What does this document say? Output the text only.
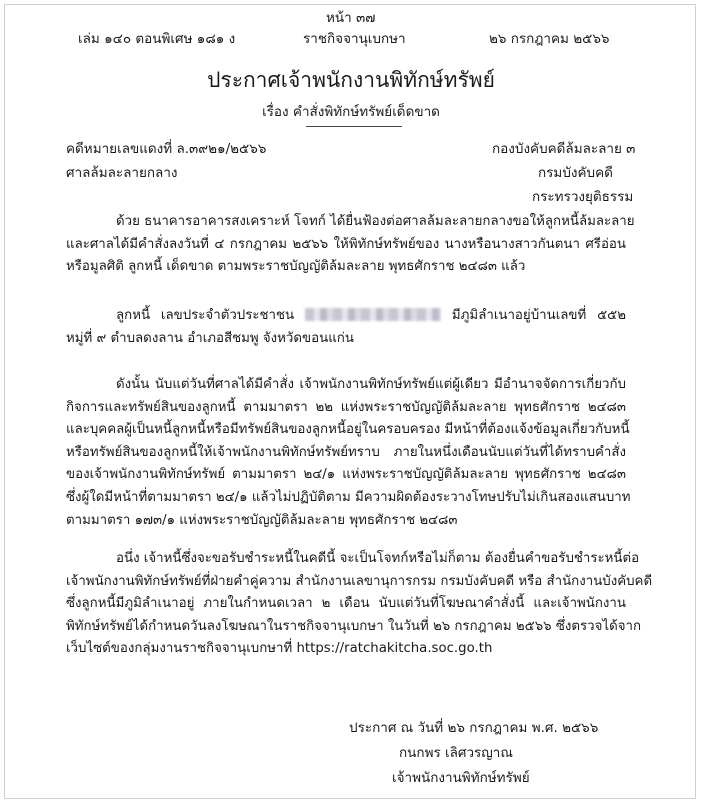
หน้า ๓๗
เล่ม ๑๔๐ ตอนพิเศษ ๑๘๑ ง	ราชกิจจานุเบกษา	๒๖ กรกฎาคม ๒๕๖๖
ประกาศเจ้าพนักงานพิทักษ์ทรัพย์
เรื่อง คำสั่งพิทักษ์ทรัพย์เด็ดขาด
คดีหมายเลขแดงที่ ล.๓๙๒๑/๒๕๖๖
ศาลล้มละลายกลาง
กองบังคับคดีล้มละลาย ๓
กรมบังคับคดี
กระทรวงยุติธรรม
ด้วย ธนาคารอาคารสงเคราะห์ โจทก์ ได้ยื่นฟ้องต่อศาลล้มละลายกลางขอให้ลูกหนี้ล้มละลาย
และศาลได้มีคำสั่งลงวันที่ ๔ กรกฎาคม ๒๕๖๖ ให้พิทักษ์ทรัพย์ของ นางหรือนางสาวกันตนา ศรีอ่อน
หรือมูลศิติ ลูกหนี้ เด็ดขาด ตามพระราชบัญญัติล้มละลาย พุทธศักราช ๒๔๘๓ แล้ว
ลูกหนี้ เลขประจำตัวประชาชน	มีภูมิลำเนาอยู่บ้านเลขที่ ๕๕๒
หมู่ที่ ๙ ตำบลดงลาน อำเภอสีชมพู จังหวัดขอนแก่น
ดังนั้น นับแต่วันที่ศาลได้มีคำสั่ง เจ้าพนักงานพิทักษ์ทรัพย์แต่ผู้เดียว มีอำนาจจัดการเกี่ยวกับ
กิจการและทรัพย์สินของลูกหนี้ ตามมาตรา ๒๒ แห่งพระราชบัญญัติล้มละลาย พุทธศักราช ๒๔๘๓
และบุคคลผู้เป็นหนี้ลูกหนี้หรือมีทรัพย์สินของลูกหนี้อยู่ในครอบครอง มีหน้าที่ต้องแจ้งข้อมูลเกี่ยวกับหนี้
หรือทรัพย์สินของลูกหนี้ให้เจ้าพนักงานพิทักษ์ทรัพย์ทราบ ภายในหนึ่งเดือนนับแต่วันที่ได้ทราบคำสั่ง
ของเจ้าพนักงานพิทักษ์ทรัพย์ ตามมาตรา ๒๔/๑ แห่งพระราชบัญญัติล้มละลาย พุทธศักราช ๒๔๘๓
ซึ่งผู้ใดมีหน้าที่ตามมาตรา ๒๔/๑ แล้วไม่ปฏิบัติตาม มีความผิดต้องระวางโทษปรับไม่เกินสองแสนบาท
ตามมาตรา ๑๗๓/๑ แห่งพระราชบัญญัติล้มละลาย พุทธศักราช ๒๔๘๓
อนึ่ง เจ้าหนี้ซึ่งจะขอรับชำระหนี้ในคดีนี้ จะเป็นโจทก์หรือไม่ก็ตาม ต้องยื่นคำขอรับชำระหนี้ต่อ
เจ้าพนักงานพิทักษ์ทรัพย์ที่ฝ่ายคำคู่ความ สำนักงานเลขานุการกรม กรมบังคับคดี หรือ สำนักงานบังคับคดี
ซึ่งลูกหนี้มีภูมิลำเนาอยู่ ภายในกำหนดเวลา ๒ เดือน นับแต่วันที่โฆษณาคำสั่งนี้ และเจ้าพนักงาน
พิทักษ์ทรัพย์ได้กำหนดวันลงโฆษณาในราชกิจจานุเบกษา ในวันที่ ๒๖ กรกฎาคม ๒๕๖๖ ซึ่งตรวจได้จาก
เว็บไซต์ของกลุ่มงานราชกิจจานุเบกษาที่ https://ratchakitcha.soc.go.th
ประกาศ ณ วันที่ ๒๖ กรกฎาคม พ.ศ. ๒๕๖๖
กนกพร เลิศวรญาณ
เจ้าพนักงานพิทักษ์ทรัพย์
